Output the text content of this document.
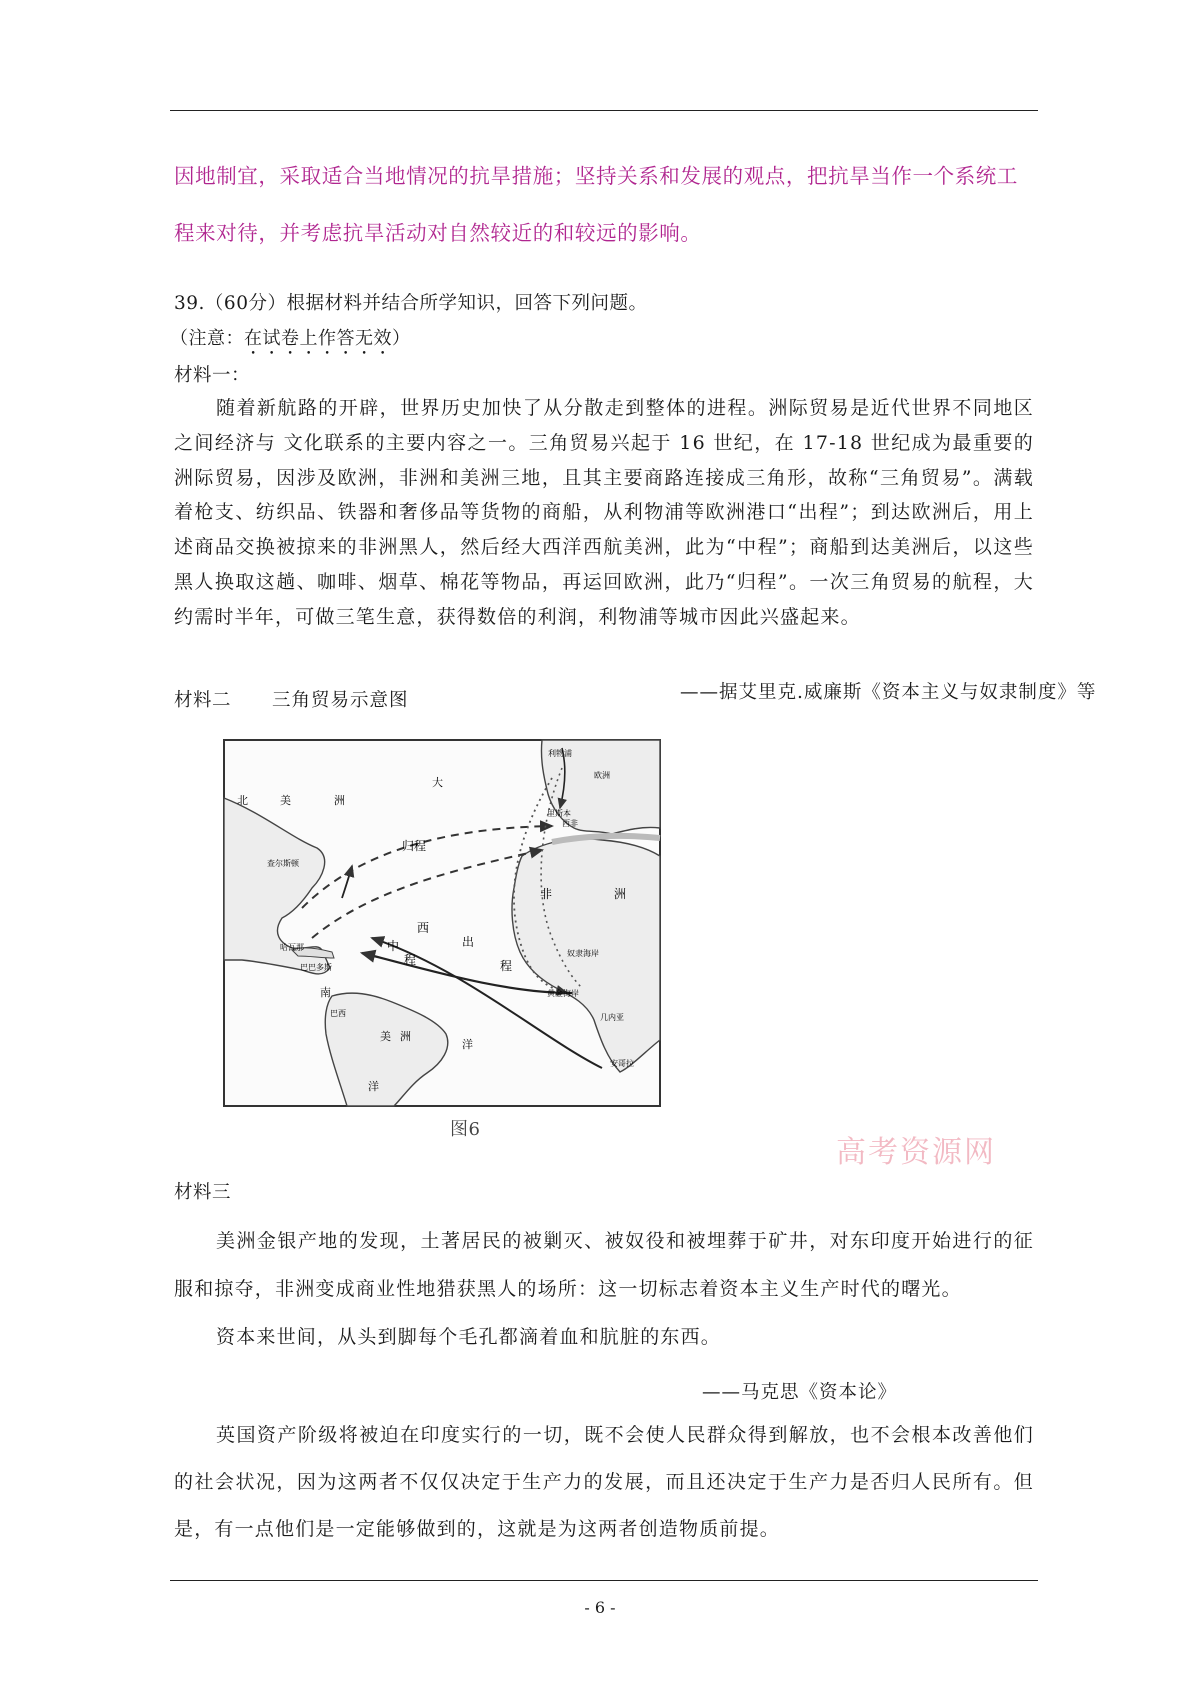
因地制宜，采取适合当地情况的抗旱措施；坚持关系和发展的观点，把抗旱当作一个系统工程来对待，并考虑抗旱活动对自然较近的和较远的影响。
39.（60分）根据材料并结合所学知识，回答下列问题。
（注意：在试卷上作答无效）
材料一：
随着新航路的开辟，世界历史加快了从分散走到整体的进程。洲际贸易是近代世界不同地区之间经济与 文化联系的主要内容之一。三角贸易兴起于 16 世纪，在 17-18 世纪成为最重要的洲际贸易，因涉及欧洲，非洲和美洲三地，且其主要商路连接成三角形，故称“三角贸易”。满载着枪支、纺织品、铁器和奢侈品等货物的商船，从利物浦等欧洲港口“出程”；到达欧洲后，用上述商品交换被掠来的非洲黑人，然后经大西洋西航美洲，此为“中程”；商船到达美洲后，以这些黑人换取这趟、咖啡、烟草、棉花等物品，再运回欧洲，此乃“归程”。一次三角贸易的航程，大约需时半年，可做三笔生意，获得数倍的利润，利物浦等城市因此兴盛起来。
——据艾里克.威廉斯《资本主义与奴隶制度》等
材料二 三角贸易示意图
北	美	洲
大
归程
中
程
西
出
程
非	洲
南
美 洲
洋
洋
利物浦
欧洲
里斯本
西非
查尔斯顿
哈瓦那
巴巴多斯
黄金海岸
奴隶海岸
巴西
安哥拉
几内亚
图6
高考资源网
材料三
美洲金银产地的发现，土著居民的被剿灭、被奴役和被埋葬于矿井，对东印度开始进行的征服和掠夺，非洲变成商业性地猎获黑人的场所：这一切标志着资本主义生产时代的曙光。
资本来世间，从头到脚每个毛孔都滴着血和肮脏的东西。
——马克思《资本论》
英国资产阶级将被迫在印度实行的一切，既不会使人民群众得到解放，也不会根本改善他们的社会状况，因为这两者不仅仅决定于生产力的发展，而且还决定于生产力是否归人民所有。但是，有一点他们是一定能够做到的，这就是为这两者创造物质前提。
- 6 -
